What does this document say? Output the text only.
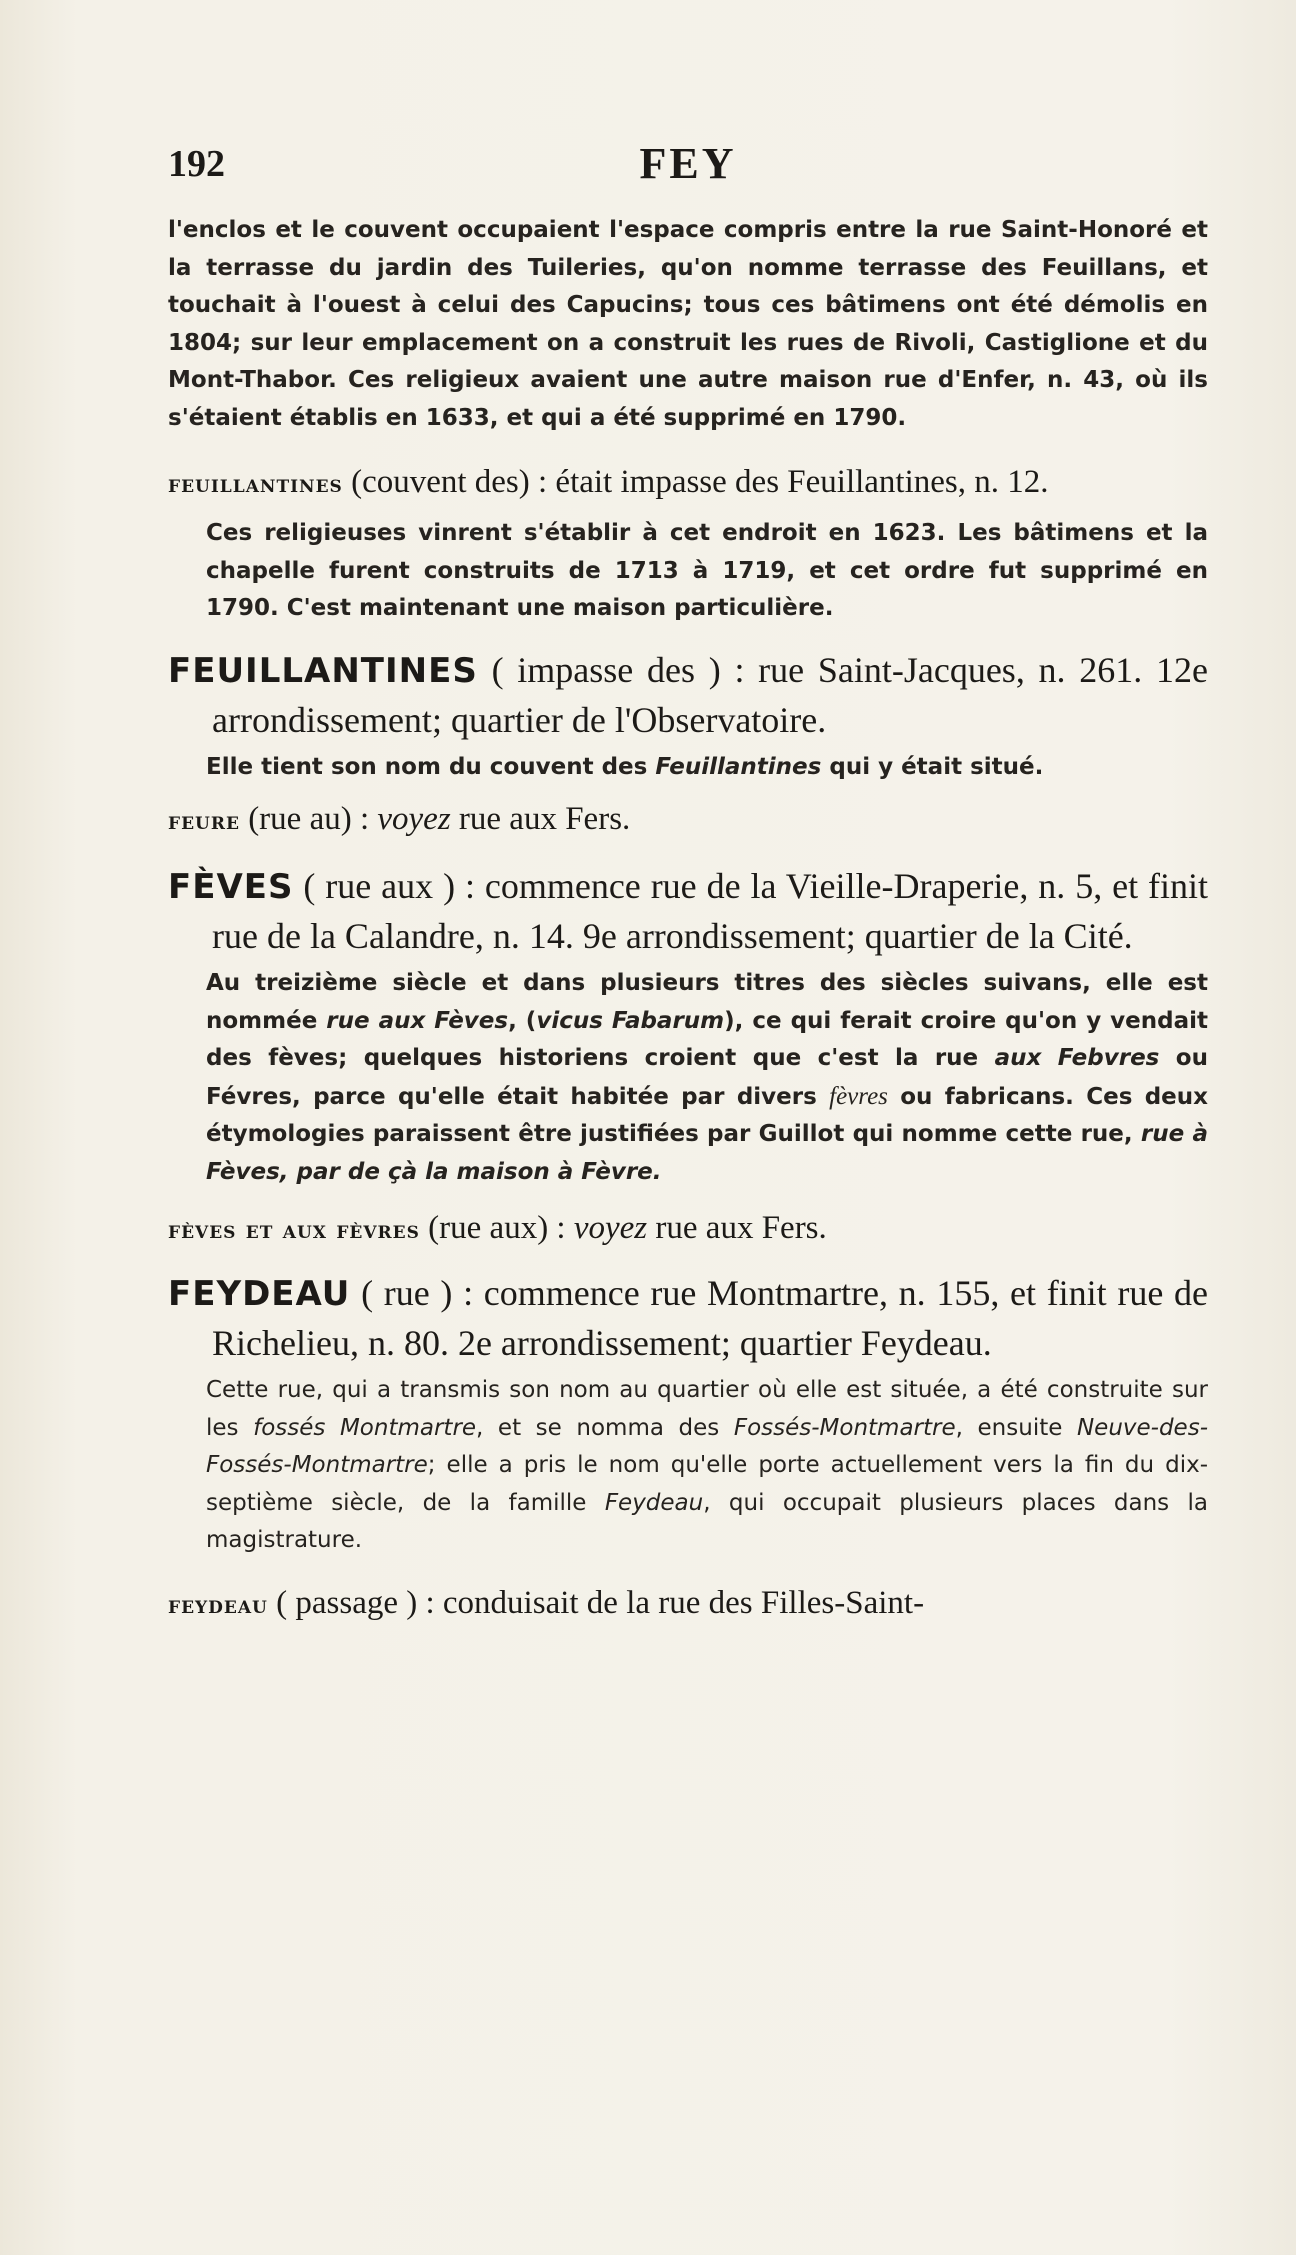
192	FEY

l'enclos et le couvent occupaient l'espace compris entre la rue Saint-Honoré et la terrasse du jardin des Tuileries, qu'on nomme terrasse des Feuillans, et touchait à l'ouest à celui des Capucins; tous ces bâtimens ont été démolis en 1804; sur leur emplacement on a construit les rues de Rivoli, Castiglione et du Mont-Thabor. Ces religieux avaient une autre maison rue d'Enfer, n. 43, où ils s'étaient établis en 1633, et qui a été supprimé en 1790.

feuillantines (couvent des) : était impasse des Feuillantines, n. 12.

Ces religieuses vinrent s'établir à cet endroit en 1623. Les bâtimens et la chapelle furent construits de 1713 à 1719, et cet ordre fut supprimé en 1790. C'est maintenant une maison particulière.

FEUILLANTINES ( impasse des ) : rue Saint-Jacques, n. 261. 12e arrondissement; quartier de l'Observatoire.

Elle tient son nom du couvent des Feuillantines qui y était situé.

feure (rue au) : voyez rue aux Fers.

FÈVES ( rue aux ) : commence rue de la Vieille-Draperie, n. 5, et finit rue de la Calandre, n. 14. 9e arrondissement; quartier de la Cité.

Au treizième siècle et dans plusieurs titres des siècles suivans, elle est nommée rue aux Fèves, (vicus Fabarum), ce qui ferait croire qu'on y vendait des fèves; quelques historiens croient que c'est la rue aux Febvres ou Févres, parce qu'elle était habitée par divers fèvres ou fabricans. Ces deux étymologies paraissent être justifiées par Guillot qui nomme cette rue, rue à Fèves, par de çà la maison à Fèvre.

fèves et aux fèvres (rue aux) : voyez rue aux Fers.

FEYDEAU ( rue ) : commence rue Montmartre, n. 155, et finit rue de Richelieu, n. 80. 2e arrondissement; quartier Feydeau.

Cette rue, qui a transmis son nom au quartier où elle est située, a été construite sur les fossés Montmartre, et se nomma des Fossés-Montmartre, ensuite Neuve-des-Fossés-Montmartre; elle a pris le nom qu'elle porte actuellement vers la fin du dix-septième siècle, de la famille Feydeau, qui occupait plusieurs places dans la magistrature.

feydeau ( passage ) : conduisait de la rue des Filles-Saint-
